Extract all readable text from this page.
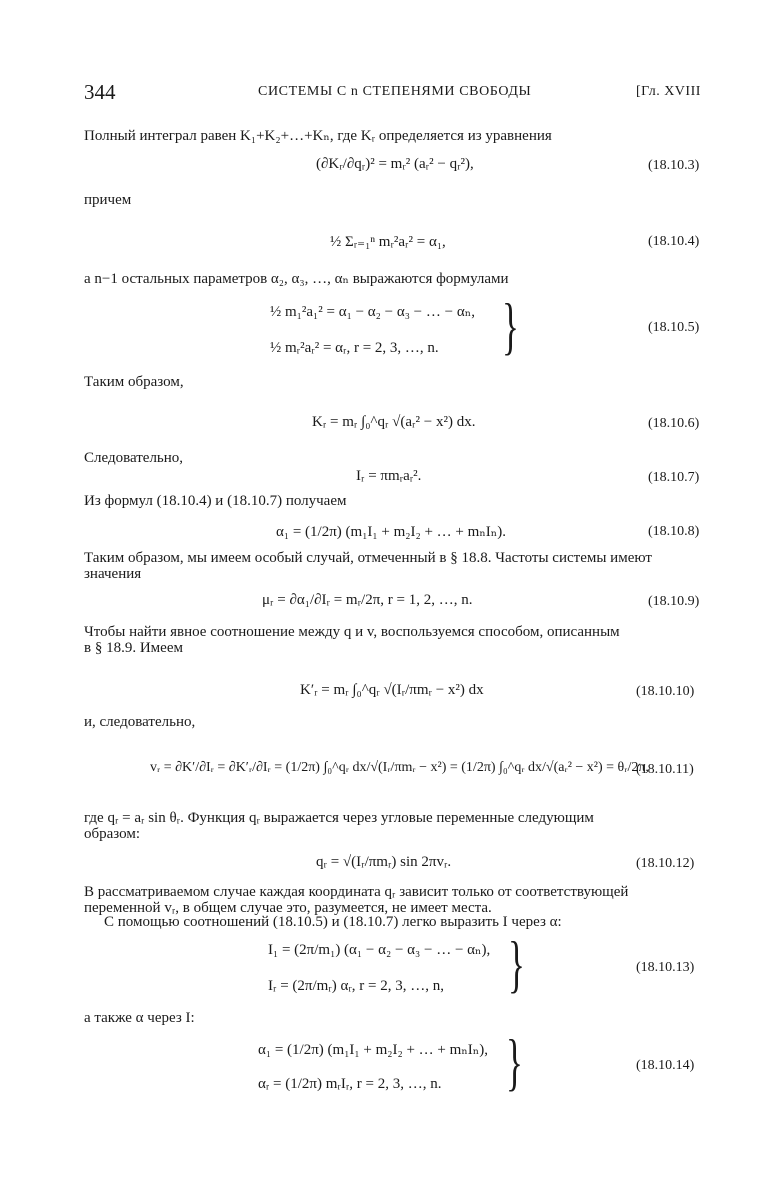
344	СИСТЕМЫ С n СТЕПЕНЯМИ СВОБОДЫ	[Гл. XVIII
Полный интеграл равен K₁+K₂+…+Kₙ, где Kᵣ определяется из уравнения
(∂Kᵣ/∂qᵣ)² = mᵣ² (aᵣ² − qᵣ²),	(18.10.3)
причем
½ Σᵣ₌₁ⁿ mᵣ²aᵣ² = α₁,	(18.10.4)
а n−1 остальных параметров α₂, α₃, …, αₙ выражаются формулами
½ m₁²a₁² = α₁ − α₂ − α₃ − … − αₙ,
½ mᵣ²aᵣ² = αᵣ, r = 2, 3, …, n. }	(18.10.5)
Таким образом,
Kᵣ = mᵣ ∫₀^qᵣ √(aᵣ² − x²) dx.	(18.10.6)
Следовательно,
Iᵣ = πmᵣaᵣ².	(18.10.7)
Из формул (18.10.4) и (18.10.7) получаем
α₁ = (1/2π) (m₁I₁ + m₂I₂ + … + mₙIₙ).	(18.10.8)
Таким образом, мы имеем особый случай, отмеченный в § 18.8. Частоты системы имеют
значения
μᵣ = ∂α₁/∂Iᵣ = mᵣ/2π, r = 1, 2, …, n.	(18.10.9)
Чтобы найти явное соотношение между q и v, воспользуемся способом, описанным
в § 18.9. Имеем
K′ᵣ = mᵣ ∫₀^qᵣ √(Iᵣ/πmᵣ − x²) dx	(18.10.10)
и, следовательно,
vᵣ = ∂K′/∂Iᵣ = ∂K′ᵣ/∂Iᵣ = (1/2π) ∫₀^qᵣ dx/√(Iᵣ/πmᵣ − x²) = (1/2π) ∫₀^qᵣ dx/√(aᵣ² − x²) = θᵣ/2π,
(18.10.11)
где qᵣ = aᵣ sin θᵣ. Функция qᵣ выражается через угловые переменные следующим
образом:
qᵣ = √(Iᵣ/πmᵣ) sin 2πvᵣ.	(18.10.12)
В рассматриваемом случае каждая координата qᵣ зависит только от соответствующей
переменной vᵣ, в общем случае это, разумеется, не имеет места.
С помощью соотношений (18.10.5) и (18.10.7) легко выразить I через α:
I₁ = (2π/m₁) (α₁ − α₂ − α₃ − … − αₙ),
Iᵣ = (2π/mᵣ) αᵣ, r = 2, 3, …, n, }	(18.10.13)
а также α через I:
α₁ = (1/2π) (m₁I₁ + m₂I₂ + … + mₙIₙ),
αᵣ = (1/2π) mᵣIᵣ, r = 2, 3, …, n. }	(18.10.14)
